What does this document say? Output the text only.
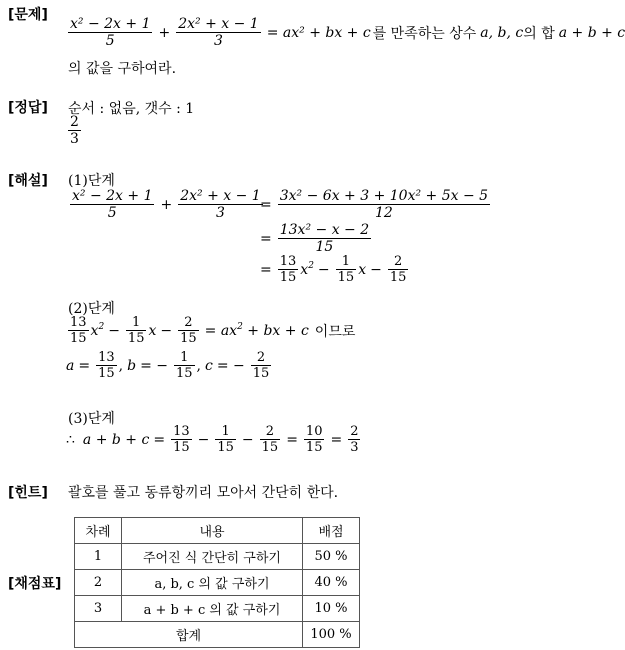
[문제]
[정답]
[해설]
[힌트]
[채점표]
$\frac{\text{x² − 2x + 1}}{5} + \frac{\text{2x² + x − 1}}{3} = ax^2$ + bx + c 를 만족하는 상수 a, b, c 의 합 a + b + c
의 값을 구하여라.
순서 : 없음, 갯수 : 1
$\frac{2}{3}$
(1)단계
$\frac{\text{x² − 2x + 1}}{5} + \frac{\text{2x² + x − 1}}{3}$
= $\frac{\text{3x² − 6x + 3 + 10x² + 5x − 5}}{12}$
= $\frac{\text{13x² − x − 2}}{15}$
= $\frac{13}{15} x^2 - \frac{1}{15}$ $x - \frac{2}{15}$
(2)단계
$\frac{13}{15} x^2 - \frac{1}{15}$ $x - \frac{2}{15} = ax^2$ + bx + c 이므로
$a = \frac{13}{15}$ , b = − $\frac{1}{15}$ , c = − $\frac{2}{15}$
(3)단계
∴ $a + b + c = \frac{13}{15} - \frac{1}{15} - \frac{2}{15} = \frac{10}{15} = \frac{2}{3}$
괄호를 풀고 동류항끼리 모아서 간단히 한다.
차례	내용	배점
1	주어진 식 간단히 구하기	50 %
2	a, b, c 의 값 구하기	40 %
3	a + b + c 의 값 구하기	10 %
합계		100 %
